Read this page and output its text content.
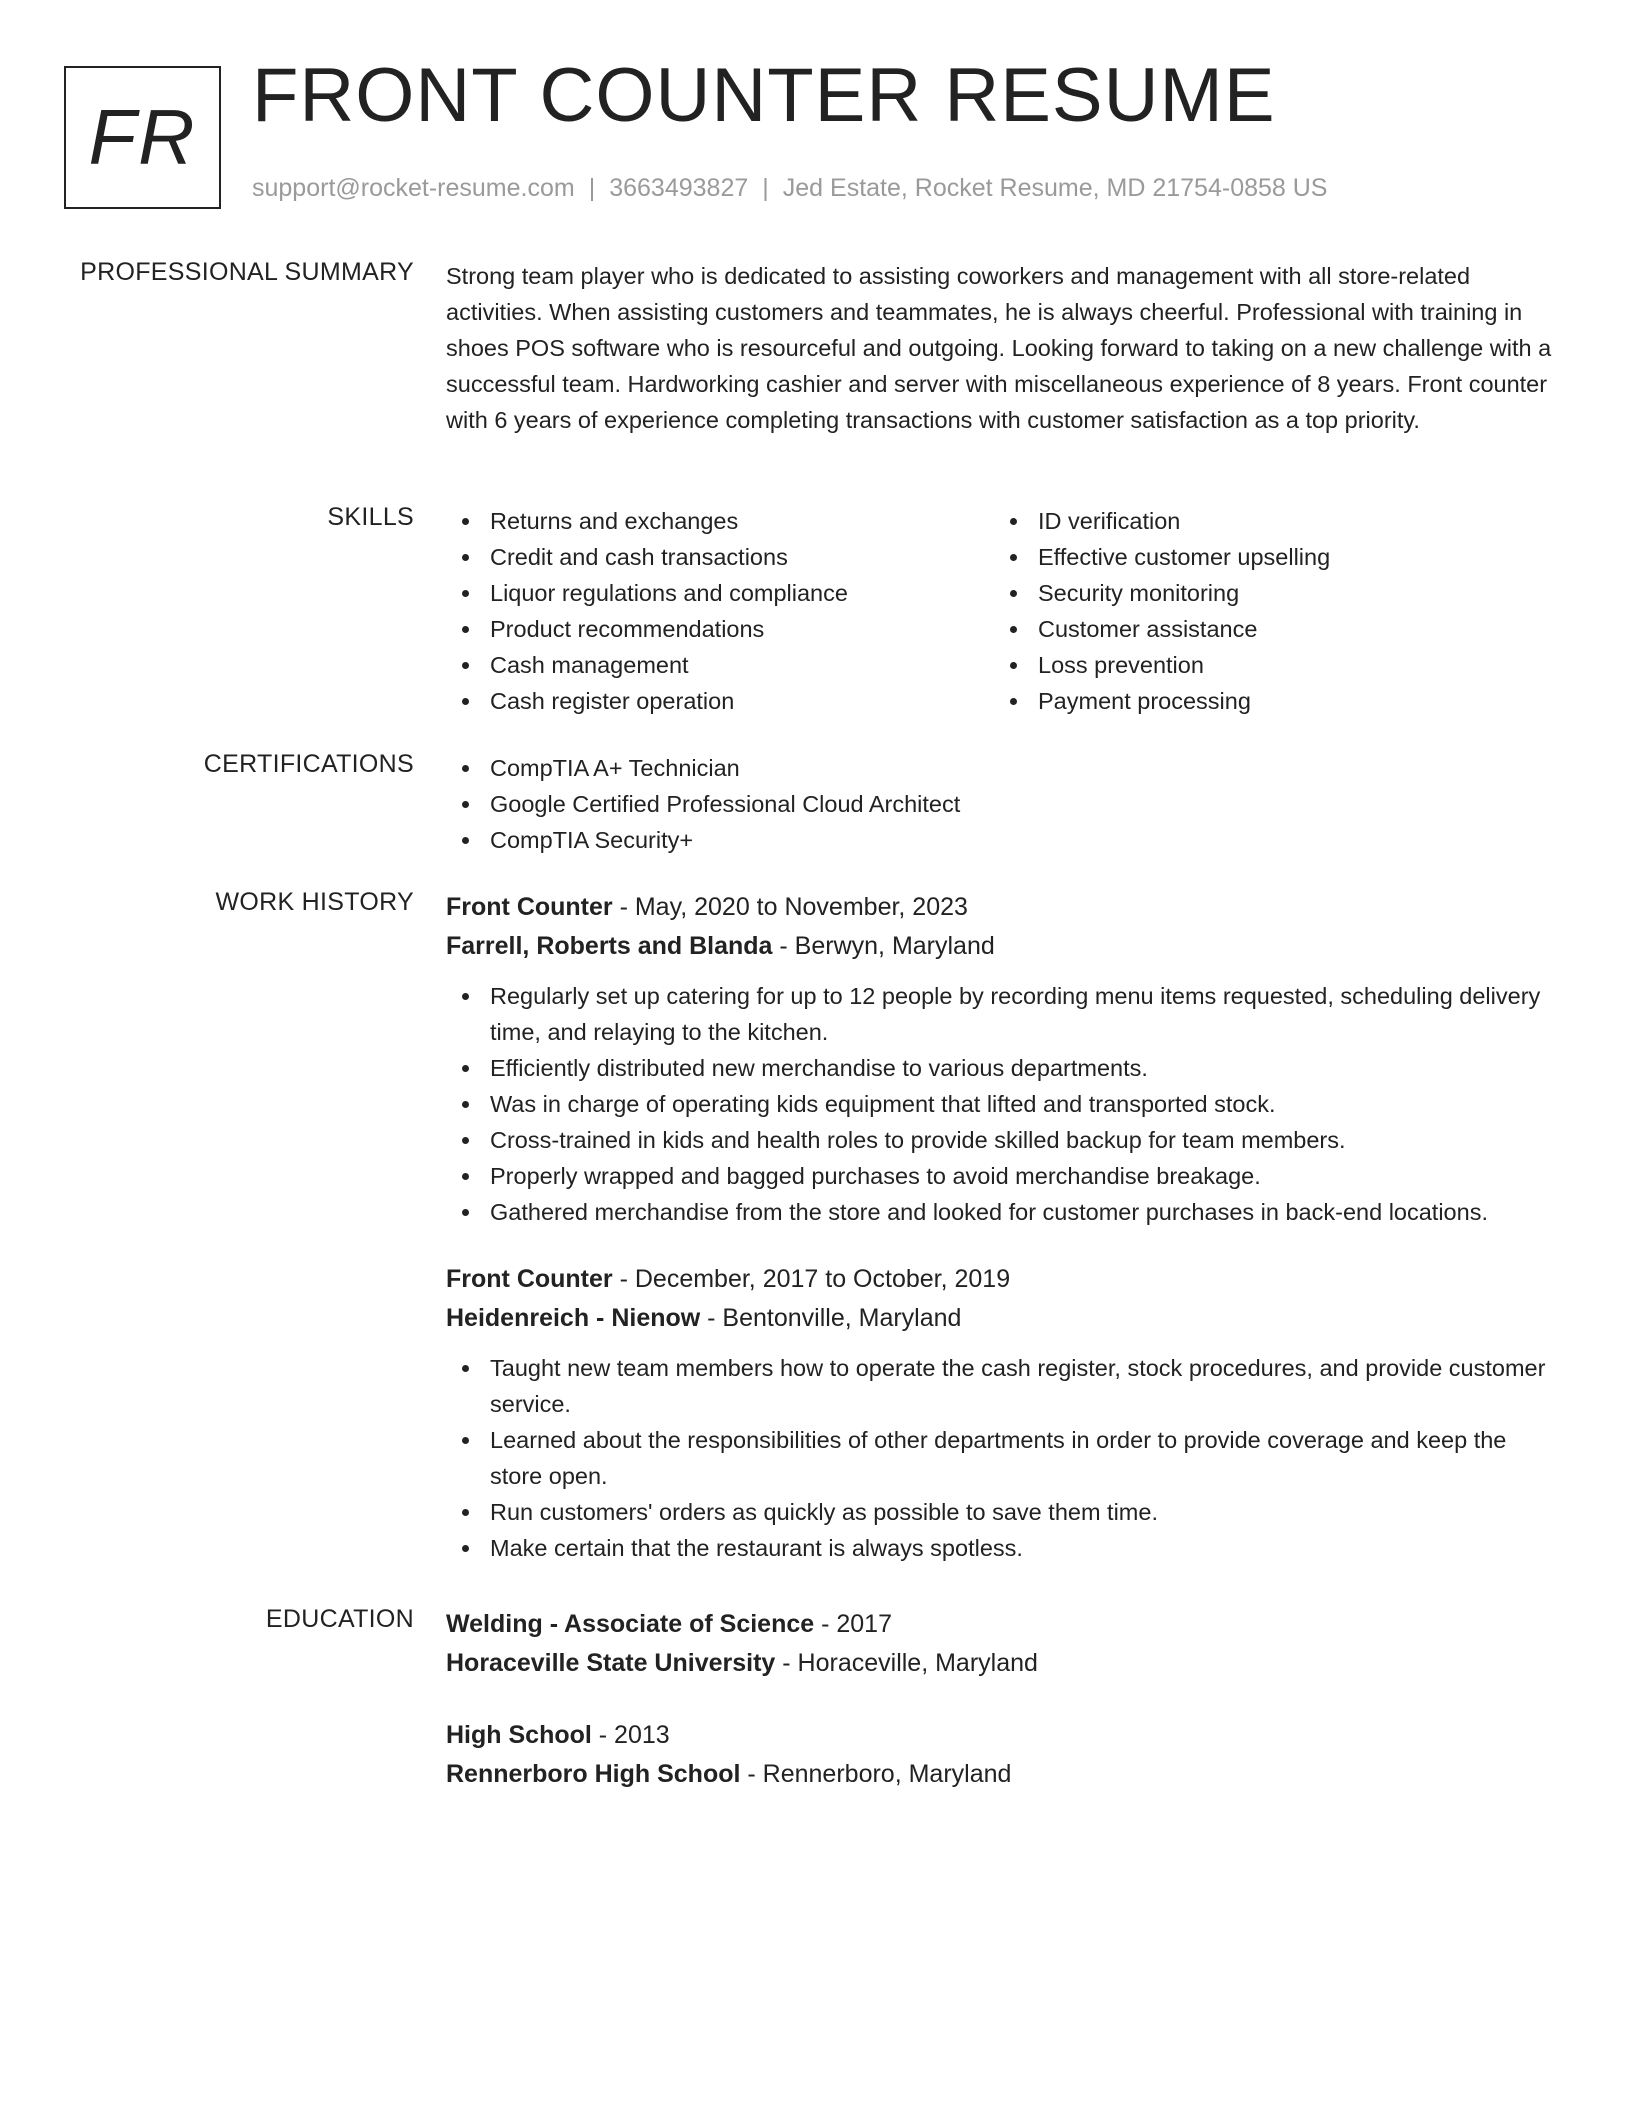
FR FRONT COUNTER RESUME
support@rocket-resume.com | 3663493827 | Jed Estate, Rocket Resume, MD 21754-0858 US
PROFESSIONAL SUMMARY Strong team player who is dedicated to assisting coworkers and management with all store-related activities. When assisting customers and teammates, he is always cheerful. Professional with training in shoes POS software who is resourceful and outgoing. Looking forward to taking on a new challenge with a successful team. Hardworking cashier and server with miscellaneous experience of 8 years. Front counter with 6 years of experience completing transactions with customer satisfaction as a top priority.
SKILLS	Returns and exchanges
Credit and cash transactions
Liquor regulations and compliance
Product recommendations
Cash management
Cash register operation
ID verification
Effective customer upselling
Security monitoring
Customer assistance
Loss prevention
Payment processing
CERTIFICATIONS	CompTIA A+ Technician
Google Certified Professional Cloud Architect
CompTIA Security+
WORK HISTORY Front Counter - May, 2020 to November, 2023
Farrell, Roberts and Blanda - Berwyn, Maryland
Regularly set up catering for up to 12 people by recording menu items requested, scheduling delivery time, and relaying to the kitchen.
Efficiently distributed new merchandise to various departments.
Was in charge of operating kids equipment that lifted and transported stock.
Cross-trained in kids and health roles to provide skilled backup for team members.
Properly wrapped and bagged purchases to avoid merchandise breakage.
Gathered merchandise from the store and looked for customer purchases in back-end locations.
Front Counter - December, 2017 to October, 2019
Heidenreich - Nienow - Bentonville, Maryland
Taught new team members how to operate the cash register, stock procedures, and provide customer service.
Learned about the responsibilities of other departments in order to provide coverage and keep the store open.
Run customers' orders as quickly as possible to save them time.
Make certain that the restaurant is always spotless.
EDUCATION Welding - Associate of Science - 2017
Horaceville State University - Horaceville, Maryland
High School - 2013
Rennerboro High School - Rennerboro, Maryland
